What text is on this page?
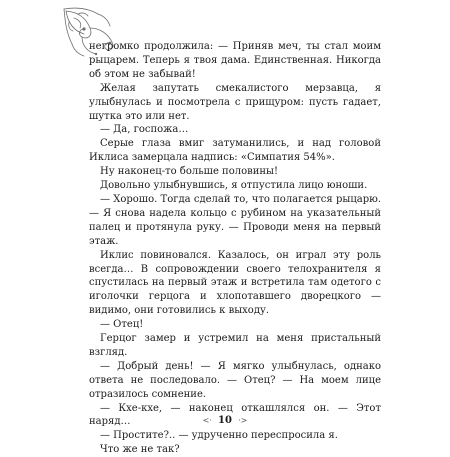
негромко продолжила: — Приняв меч, ты стал моим рыцарем. Теперь я твоя дама. Единственная. Никогда об этом не забывай!

Желая запутать смекалистого мерзавца, я улыбнулась и посмотрела с прищуром: пусть гадает, шутка это или нет.

— Да, госпожа…

Серые глаза вмиг затуманились, и над головой Иклиса замерцала надпись: «Симпатия 54%».

Ну наконец-то больше половины!

Довольно улыбнувшись, я отпустила лицо юноши.

— Хорошо. Тогда сделай то, что полагается рыцарю. — Я снова надела кольцо с рубином на указательный палец и протянула руку. — Проводи меня на первый этаж.

Иклис повиновался. Казалось, он играл эту роль всегда… В сопровождении своего телохранителя я спустилась на первый этаж и встретила там одетого с иголочки герцога и хлопотавшего дворецкого — видимо, они готовились к выходу.

— Отец!

Герцог замер и устремил на меня пристальный взгляд.

— Добрый день! — Я мягко улыбнулась, однако ответа не последовало. — Отец? — На моем лице отразилось сомнение.

— Кхе-кхе, — наконец откашлялся он. — Этот наряд…

— Простите?.. — удрученно переспросила я.

Что же не так?

<· 10 ·>
